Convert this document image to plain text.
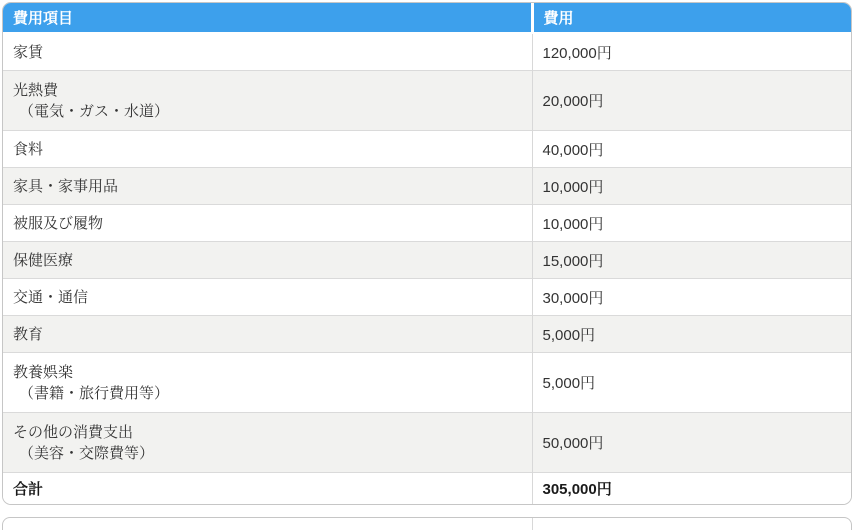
費用項目	費用

家賃	120,000円

光熱費
（電気・ガス・水道）	20,000円

食料	40,000円

家具・家事用品	10,000円

被服及び履物	10,000円

保健医療	15,000円

交通・通信	30,000円

教育	5,000円

教養娯楽
（書籍・旅行費用等）	5,000円

その他の消費支出
（美容・交際費等）	50,000円
合計	305,000円
